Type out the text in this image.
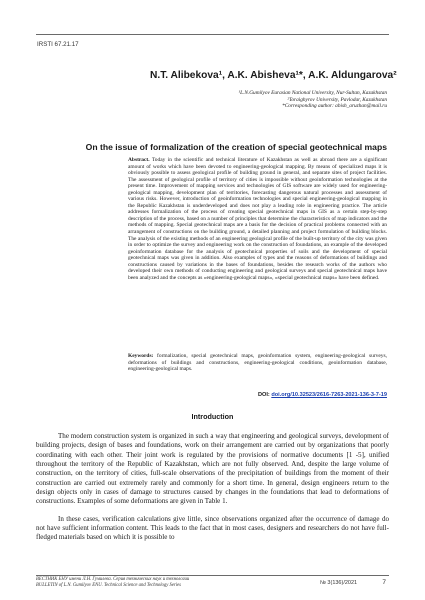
IRSTI 67.21.17
N.T. Alibekova¹, A.K. Abisheva¹*, A.K. Aldungarova²
¹L.N.Gumilyov Eurasian National University, Nur-Sultan, Kazakhstan
²Toraighyrov University, Pavlodar, Kazakhstan
*Corresponding author: abish_aruzhan@mail.ru
On the issue of formalization of the creation of special geotechnical maps
Abstract. Today in the scientific and technical literature of Kazakhstan as well as abroad there are a significant amount of works which have been devoted to engineering-geological mapping. By means of specialized maps it is obviously possible to assess geological profile of building ground in general, and separate sites of project facilities. The assessment of geological profile of territory of cities is impossible without geoinformation technologies at the present time. Improvement of mapping services and technologies of GIS software are widely used for engineering-geological mapping, development plan of territories, forecasting dangerous natural processes and assessment of various risks. However, introduction of geoinformation technologies and special engineering-geological mapping in the Republic Kazakhstan is underdeveloped and does not play a leading role in engineering practice. The article addresses formalization of the process of creating special geotechnical maps in GIS as a certain step-by-step description of the process, based on a number of principles that determine the characteristics of map indicators and the methods of mapping. Special geotechnical maps are a basis for the decision of practical problems connected with an arrangement of constructions on the building ground, a detailed planning and project formulation of building blocks. The analysis of the existing methods of an engineering geological profile of the built-up territory of the city was given in order to optimize the survey and engineering work on the construction of foundations, an example of the developed geoinformation database for the analysis of geotechnical properties of soils and the development of special geotechnical maps was given in addition. Also examples of types and the reasons of deformations of buildings and constructions caused by variations in the bases of foundations, besides the research works of the authors who developed their own methods of conducting engineering and geological surveys and special geotechnical maps have been analyzed and the concepts as «engineering-geological maps», «special geotechnical maps» have been defined.
Keywords: formalization, special geotechnical maps, geoinformation system, engineering-geological surveys, deformations of buildings and constructions, engineering-geological conditions, geoinformation database, engineering-geological maps.
DOI: doi.org/10.32523/2616-7263-2021-136-3-7-19
Introduction

The modern construction system is organized in such a way that engineering and geological surveys, development of building projects, design of bases and foundations, work on their arrangement are carried out by organizations that poorly coordinating with each other. Their joint work is regulated by the provisions of normative documents [1 -5], unified throughout the territory of the Republic of Kazakhstan, which are not fully observed. And, despite the large volume of construction, on the territory of cities, full-scale observations of the precipitation of buildings from the moment of their construction are carried out extremely rarely and commonly for a short time. In general, design engineers return to the design objects only in cases of damage to structures caused by changes in the foundations that lead to deformations of constructions. Examples of some deformations are given in Table 1.

In these cases, verification calculations give little, since observations organized after the occurrence of damage do not have sufficient information content. This leads to the fact that in most cases, designers and researchers do not have full-fledged materials based on which it is possible to

ВЕСТНИК ЕНУ имени Л.Н. Гумилева. Серия технических наук и технологии
BULLETIN of L.N. Gumilyov ENU. Technical Science and Technology Series	№ 3(136)/2021	7
